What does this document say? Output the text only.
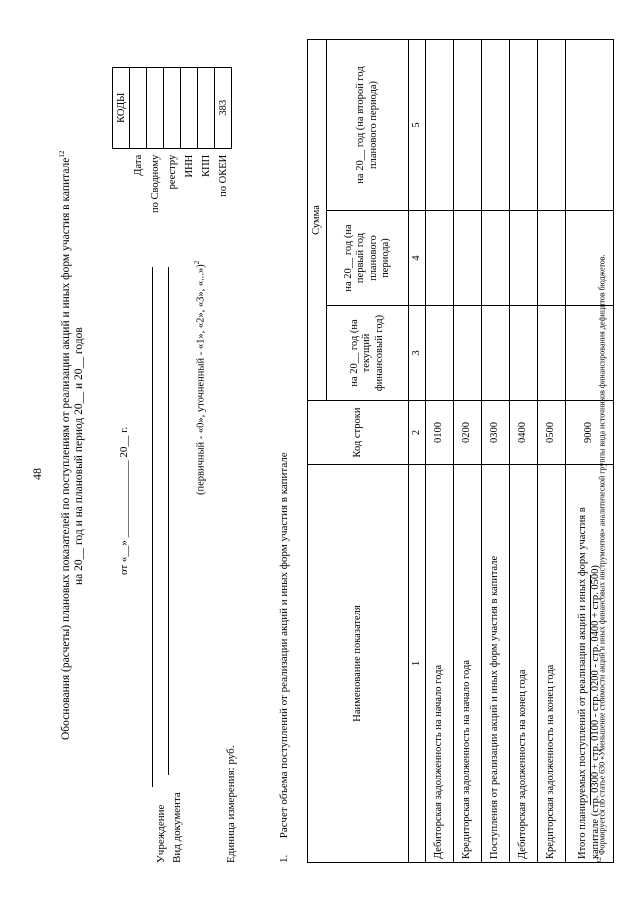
48 Обоснования (расчеты) плановых показателей по поступлениям от реализации акций и иных форм участия в капитале$^{12}$
на 20__ год и на плановый период 20__ и 20__ годов	от «__» ______________ 20__ г.
Учреждение Вид документа
(первичный - «0», уточненный - «1», «2», «3», «...»)$^2$
Единица измерения: руб.
	КОДЫ
Дата	
по Сводному	
реестру	
ИНН	
КПП	
по ОКЕИ	383
1.      Расчет объема поступлений от реализации акций и иных форм участия в капитале	Наименование показателя	Код строки	Сумма		
		на 20__ год (на текущий финансовый год)	на 20__ год (на первый год планового периода)	на 20__ год (на второй год планового периода)
1	2	3	4	5
Дебиторская задолженность на начало года	0100			
Кредиторская задолженность на начало года	0200			
Поступления от реализации акций и иных форм участия в капитале	0300			
Дебиторская задолженность на конец года	0400			
Кредиторская задолженность на конец года	0500			
Итого планируемых поступлений от реализации акций и иных форм участия в капитале (стр. 0300 + стр. 0100 - стр. 0200 - стр. 0400 + стр. 0500)	9000			
$^{12}$ Формируется по статье 630 «Уменьшение стоимости акций и иных финансовых инструментов» аналитической группы вида источников финансирования дефицитов бюджетов.
